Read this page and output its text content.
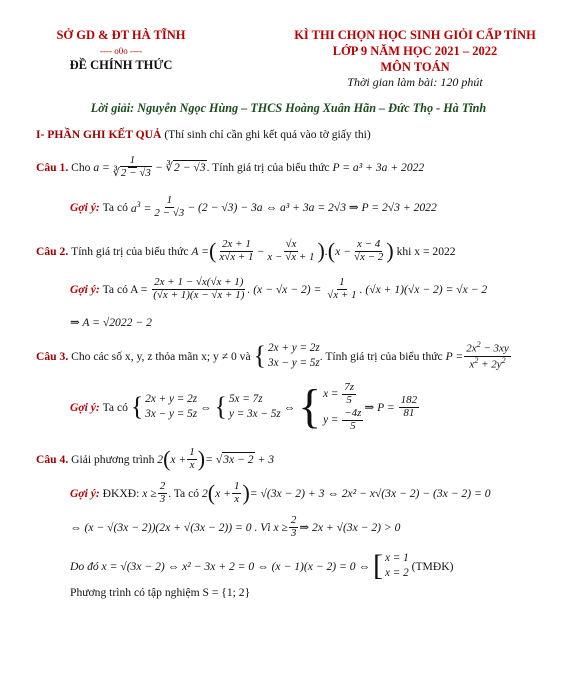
SỞ GD & ĐT HÀ TĨNH
---- o0o ----
ĐỀ CHÍNH THỨC
KÌ THI CHỌN HỌC SINH GIỎI CẤP TỈNH
LỚP 9 NĂM HỌC 2021 – 2022
MÔN TOÁN
Thời gian làm bài: 120 phút
Lời giải: Nguyễn Ngọc Hùng – THCS Hoàng Xuân Hãn – Đức Thọ - Hà Tĩnh
I- PHẦN GHI KẾT QUẢ (Thí sinh chỉ cần ghi kết quả vào tờ giấy thi)
Câu 1.
Cho
$a = \frac{1}{∛2 - √3}$ − ∛2 − √3 . Tính giá trị của biểu thức
P = a³ + 3a + 2022
Gợi ý:
Ta có
$a^3 = \frac{1}{2 - √3} - (2 - √3) - 3a$ ⇔ a³ + 3a = 2√3 ⇒ P = 2√3 + 2022
Câu 2.
Tính giá trị của biểu thức
A = ( $\frac{2x + 1}{x√x + 1} - \frac{√x}{x - √x + 1}$ ) . ( $x - \frac{x - 4}{√x - 2}$ )
khi x = 2022
Gợi ý:
Ta có A =
$\frac{2x + 1 - √x(√x + 1)}{(√x + 1)(x - √x + 1)}$ . (x − √x − 2) =
$\frac{1}{√x + 1}$ . (√x + 1)(√x − 2) = √x − 2
⇒ A = √2022 − 2
Câu 3.
Cho các số x, y, z thỏa mãn x; y ≠ 0 và
{ 2x + y = 2z
3x − y = 5z
. Tính giá trị của biểu thức
$P = \frac{2x^2 - 3xy}{x^2 + 2y^2}$
Gợi ý:
Ta có
{ 2x + y = 2z
3x − y = 5z
⇔ { 5x = 7z
y = 3x − 5z
⇔ { $x = \frac{7z}{5}$
$y = \frac{-4z}{5}$
⇒ P =
$\frac{182}{81}$
Câu 4.
Giải phương trình
2 ( $x + \frac{1}{x}$ ) = √3x − 2 + 3
Gợi ý:
ĐKXĐ:
$x \ge \frac{2}{3}$ . Ta có
2 ( $x + \frac{1}{x}$ ) = √(3x − 2) + 3 ⇔ 2x² − x√(3x − 2) − (3x − 2) = 0
⇔ (x − √(3x − 2))(2x + √(3x − 2)) = 0 . Vì
$x \ge \frac{2}{3}$ ⇒ 2x + √(3x − 2) > 0
Do đó x = √(3x − 2) ⇔ x² − 3x + 2 = 0 ⇔ (x − 1)(x − 2) = 0 ⇔
[ x = 1
x = 2

(TMĐK)
Phương trình có tập nghiệm S = {1; 2}
